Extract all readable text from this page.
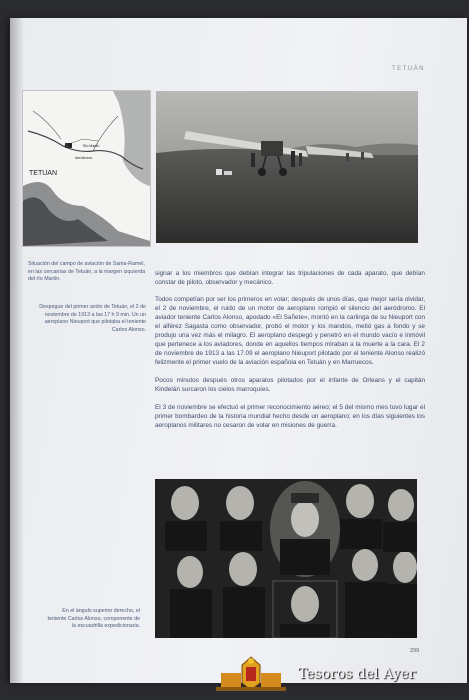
TETUÁN
TETUAN
Río Martín
Aeródromo
Situación del campo de aviación de Sania-Ramel, en las cercanías de Tetuán, a la margen izquierda del río Martín.
Despegue del primer avión de Tetuán, el 2 de noviembre de 1913 a las 17 h 9 min. Un un aeroplano Nieuport que pilotaba el teniente Carlos Alonso.

signar a los miembros que debían integrar las tripulaciones de cada aparato, que debían constar de piloto, observador y mecánico.

Todos competían por ser los primeros en volar; después de unos días, que mejor sería olvidar, el 2 de noviembre, el ruido de un motor de aeroplano rompió el silencio del aeródromo. El aviador teniente Carlos Alonso, apodado «El Sañete», montó en la carlinga de su Nieuport con el alférez Sagasta como observador, probó el motor y los mandos, metió gas a fondo y se produjo una vez más el milagro. El aeroplano despegó y penetró en el mundo vacío e inmóvil que pertenece a los aviadores, donde en aquellos tiempos miraban a la muerte a la cara. El 2 de noviembre de 1913 a las 17.09 el aeroplano Nieuport pilotado por el teniente Alonso realizó felizmente el primer vuelo de la aviación española en Tetuán y en Marruecos.

Pocos minutos después otros aparatos pilotados por el infante de Orleans y el capitán Kindelán surcaron los cielos marroquíes.

El 3 de noviembre se efectuó el primer reconocimiento aéreo; el 5 del mismo mes tuvo lugar el primer bombardeo de la historia mundial hecho desde un aeroplano; en los días siguientes los aeroplanos militares no cesaron de volar en misiones de guerra.

En el ángulo superior derecho, el teniente Carlos Alonso, componente de la escuadrilla expedicionaria.
299
Tesoros del Ayer
